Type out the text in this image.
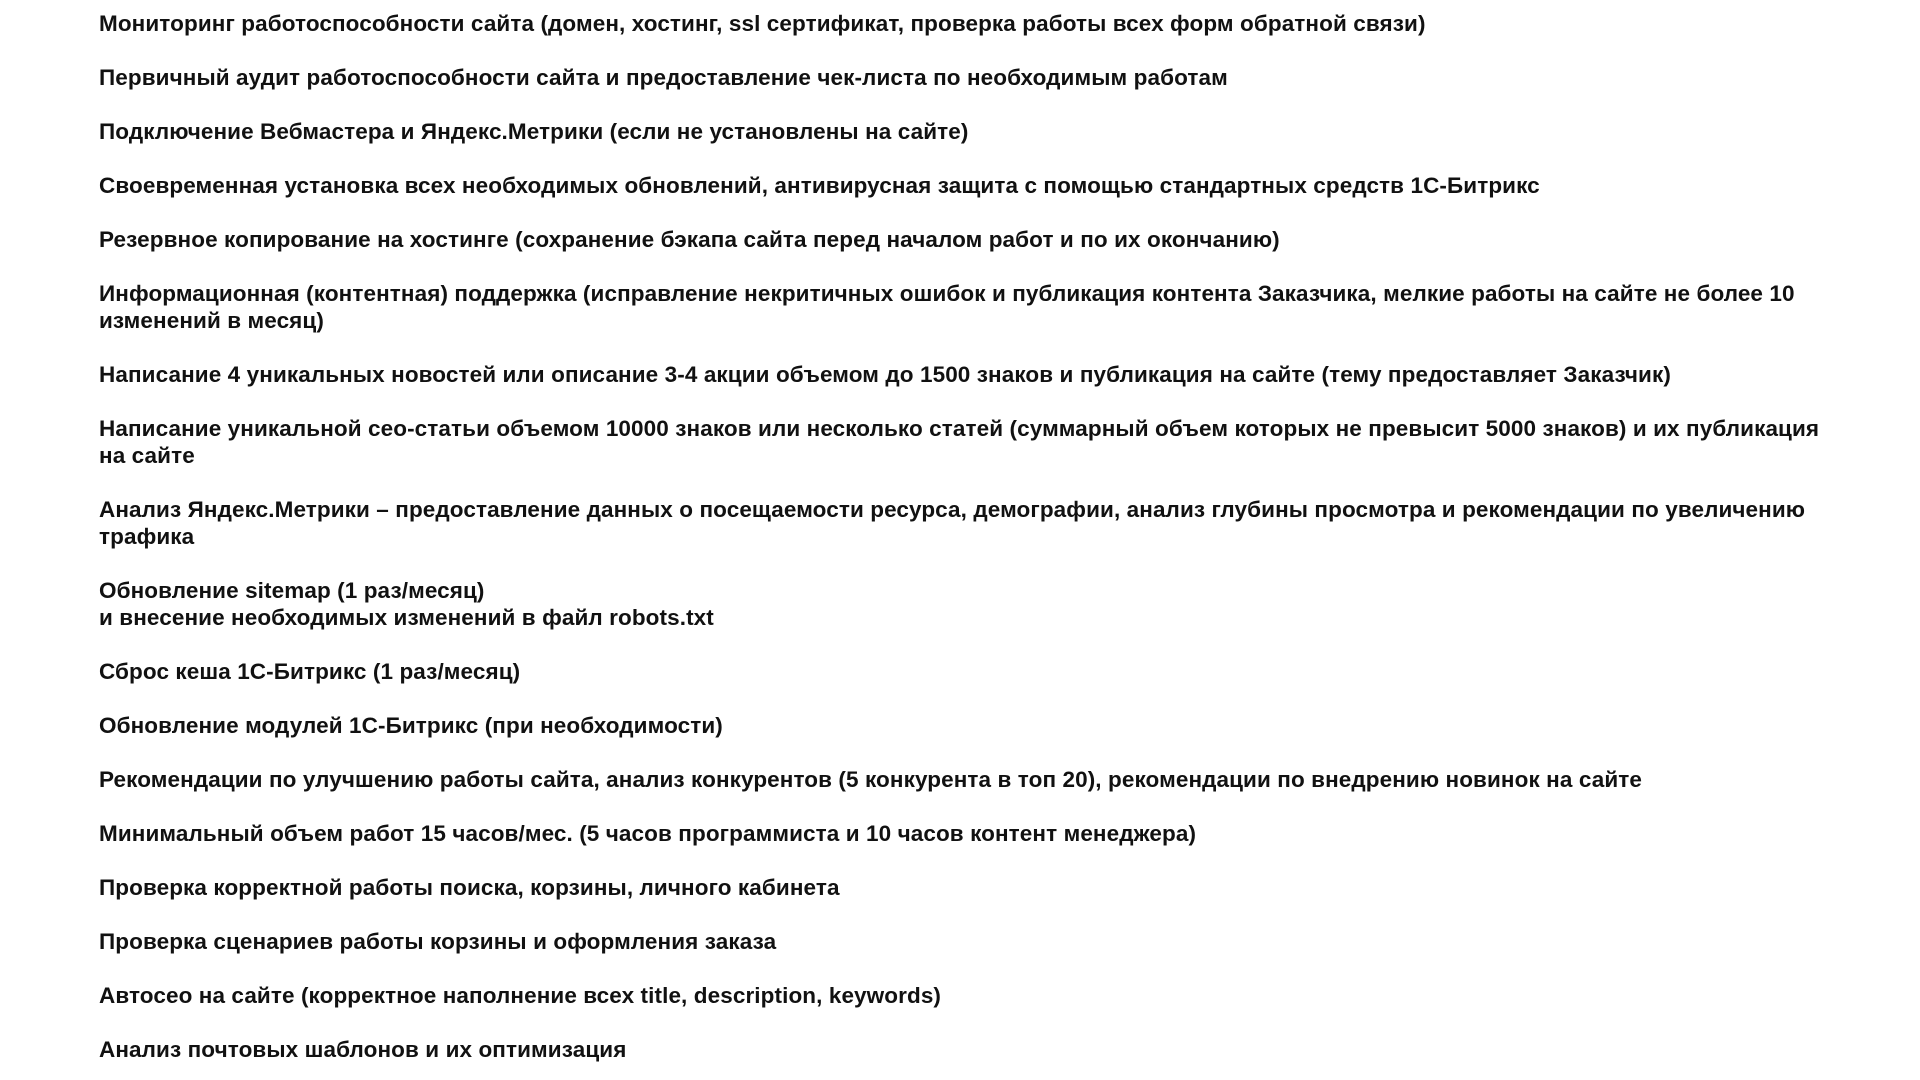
Мониторинг работоспособности сайта (домен, хостинг, ssl сертификат, проверка работы всех форм обратной связи)
Первичный аудит работоспособности сайта и предоставление чек-листа по необходимым работам
Подключение Вебмастера и Яндекс.Метрики (если не установлены на сайте)
Своевременная установка всех необходимых обновлений, антивирусная защита с помощью стандартных средств 1С-Битрикс
Резервное копирование на хостинге (сохранение бэкапа сайта перед началом работ и по их окончанию)
Информационная (контентная) поддержка (исправление некритичных ошибок и публикация контента Заказчика, мелкие работы на сайте не более 10 изменений в месяц)
Написание 4 уникальных новостей или описание 3-4 акции объемом до 1500 знаков и публикация на сайте (тему предоставляет Заказчик)
Написание уникальной сео-статьи объемом 10000 знаков или несколько статей (суммарный объем которых не превысит 5000 знаков) и их публикация на сайте
Анализ Яндекс.Метрики – предоставление данных о посещаемости ресурса, демографии, анализ глубины просмотра и рекомендации по увеличению трафика
Обновление sitemap (1 раз/месяц)
и внесение необходимых изменений в файл robots.txt
Сброс кеша 1С-Битрикс (1 раз/месяц)
Обновление модулей 1С-Битрикс (при необходимости)
Рекомендации по улучшению работы сайта, анализ конкурентов (5 конкурента в топ 20), рекомендации по внедрению новинок на сайте
Минимальный объем работ 15 часов/мес. (5 часов программиста и 10 часов контент менеджера)
Проверка корректной работы поиска, корзины, личного кабинета
Проверка сценариев работы корзины и оформления заказа
Автосео на сайте (корректное наполнение всех title, description, keywords)
Анализ почтовых шаблонов и их оптимизация
